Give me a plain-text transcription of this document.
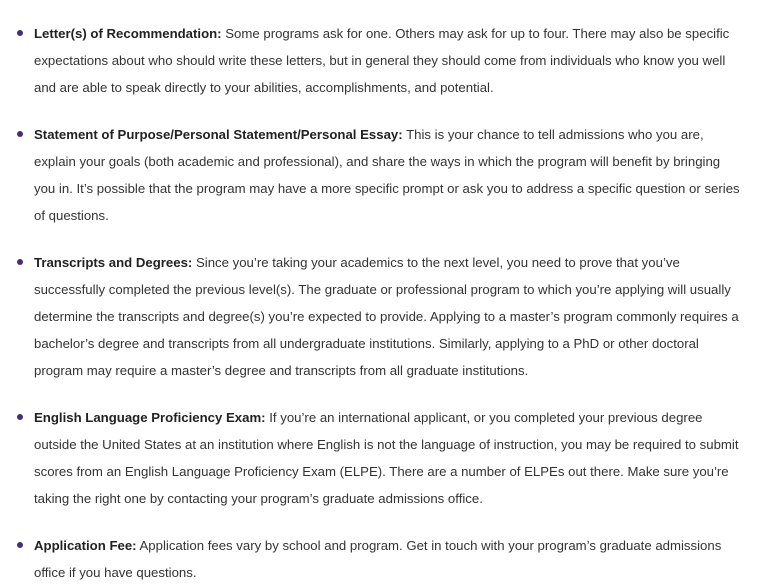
Letter(s) of Recommendation: Some programs ask for one. Others may ask for up to four. There may also be specific expectations about who should write these letters, but in general they should come from individuals who know you well and are able to speak directly to your abilities, accomplishments, and potential.
Statement of Purpose/Personal Statement/Personal Essay: This is your chance to tell admissions who you are, explain your goals (both academic and professional), and share the ways in which the program will benefit by bringing you in. It’s possible that the program may have a more specific prompt or ask you to address a specific question or series of questions.
Transcripts and Degrees: Since you’re taking your academics to the next level, you need to prove that you’ve successfully completed the previous level(s). The graduate or professional program to which you’re applying will usually determine the transcripts and degree(s) you’re expected to provide. Applying to a master’s program commonly requires a bachelor’s degree and transcripts from all undergraduate institutions. Similarly, applying to a PhD or other doctoral program may require a master’s degree and transcripts from all graduate institutions.
English Language Proficiency Exam: If you’re an international applicant, or you completed your previous degree outside the United States at an institution where English is not the language of instruction, you may be required to submit scores from an English Language Proficiency Exam (ELPE). There are a number of ELPEs out there. Make sure you’re taking the right one by contacting your program’s graduate admissions office.
Application Fee: Application fees vary by school and program. Get in touch with your program’s graduate admissions office if you have questions.
